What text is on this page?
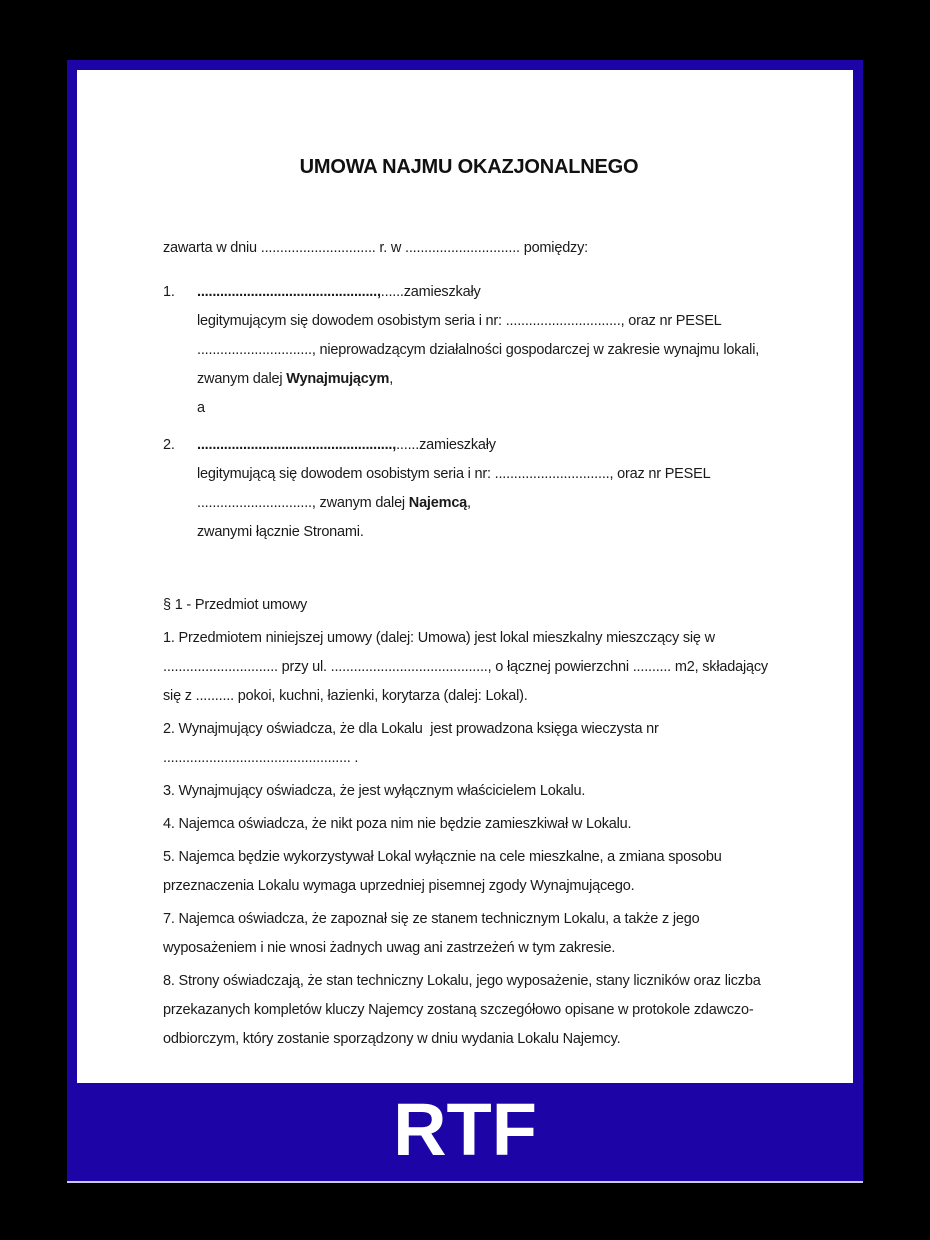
UMOWA NAJMU OKAZJONALNEGO

zawarta w dniu .............................. r. w .............................. pomiędzy:

1.	...............................................,......zamieszkały

legitymującym się dowodem osobistym seria i nr: .............................., oraz nr PESEL .............................., nieprowadzącym działalności gospodarczej w zakresie wynajmu lokali, zwanym dalej Wynajmującym,

a

2.	...................................................,......zamieszkały

legitymującą się dowodem osobistym seria i nr: .............................., oraz nr PESEL .............................., zwanym dalej Najemcą,

zwanymi łącznie Stronami.

§ 1 - Przedmiot umowy

1. Przedmiotem niniejszej umowy (dalej: Umowa) jest lokal mieszkalny mieszczący się w .............................. przy ul. ........................................., o łącznej powierzchni .......... m2, składający się z .......... pokoi, kuchni, łazienki, korytarza (dalej: Lokal).

2. Wynajmujący oświadcza, że dla Lokalu  jest prowadzona księga wieczysta nr ................................................. .

3. Wynajmujący oświadcza, że jest wyłącznym właścicielem Lokalu.

4. Najemca oświadcza, że nikt poza nim nie będzie zamieszkiwał w Lokalu.

5. Najemca będzie wykorzystywał Lokal wyłącznie na cele mieszkalne, a zmiana sposobu przeznaczenia Lokalu wymaga uprzedniej pisemnej zgody Wynajmującego.

7. Najemca oświadcza, że zapoznał się ze stanem technicznym Lokalu, a także z jego wyposażeniem i nie wnosi żadnych uwag ani zastrzeżeń w tym zakresie.

8. Strony oświadczają, że stan techniczny Lokalu, jego wyposażenie, stany liczników oraz liczba przekazanych kompletów kluczy Najemcy zostaną szczegółowo opisane w protokole zdawczo-odbiorczym, który zostanie sporządzony w dniu wydania Lokalu Najemcy.

RTF
